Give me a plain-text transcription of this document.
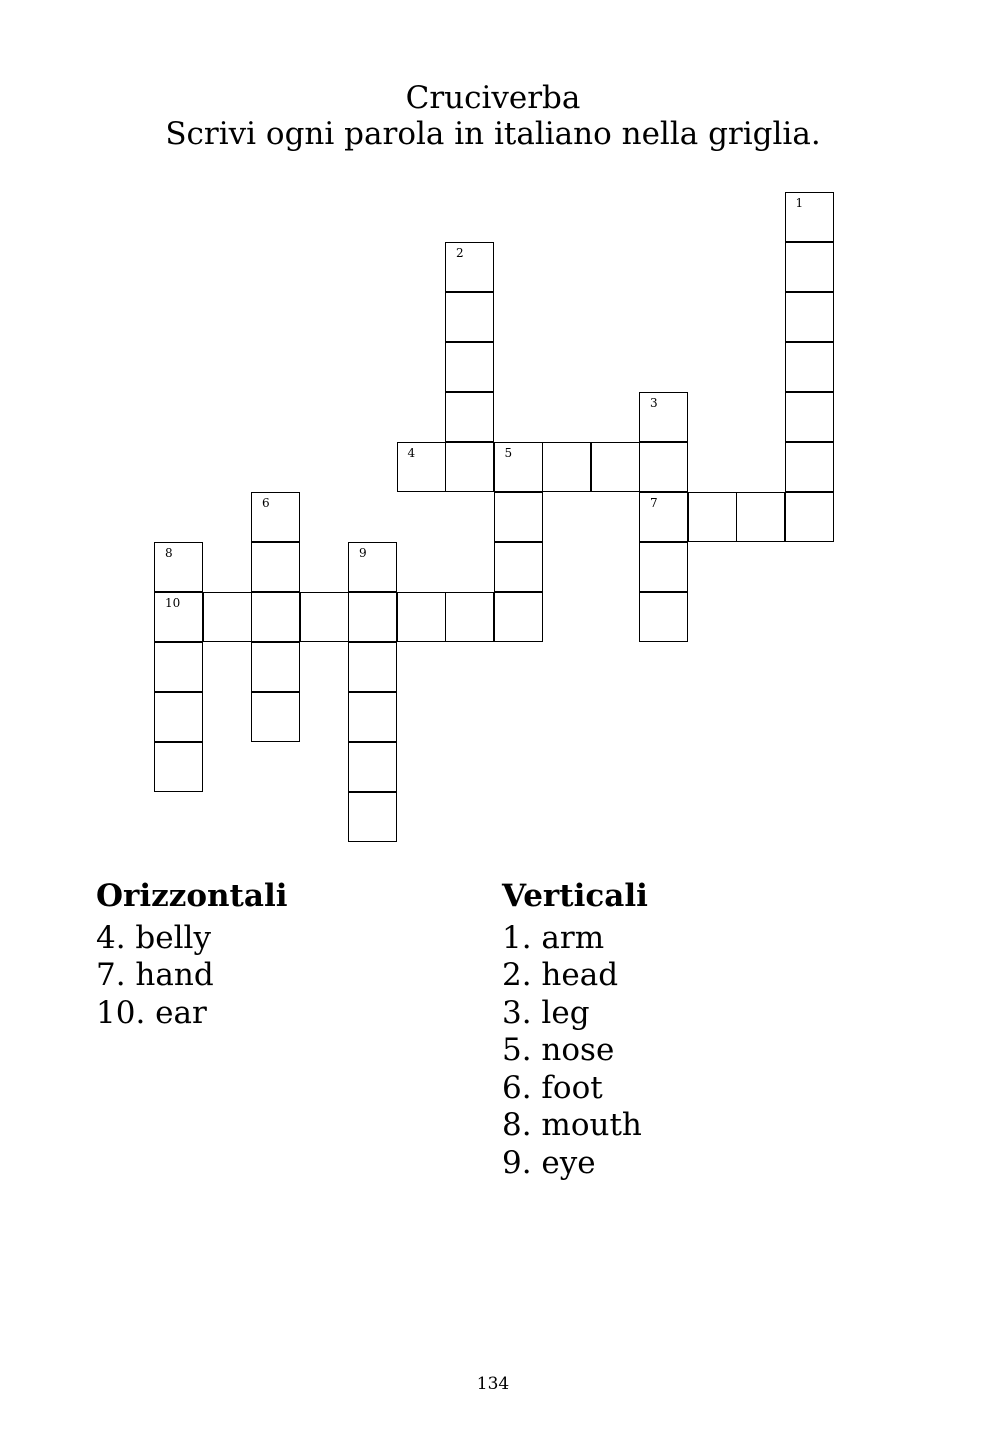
Cruciverba
Scrivi ogni parola in italiano nella griglia.
1
2
3
7
4	5
6
8
10
9
Orizzontali
4. belly
7. hand
10. ear
Verticali
1. arm
2. head
3. leg
5. nose
6. foot
8. mouth
9. eye
134
